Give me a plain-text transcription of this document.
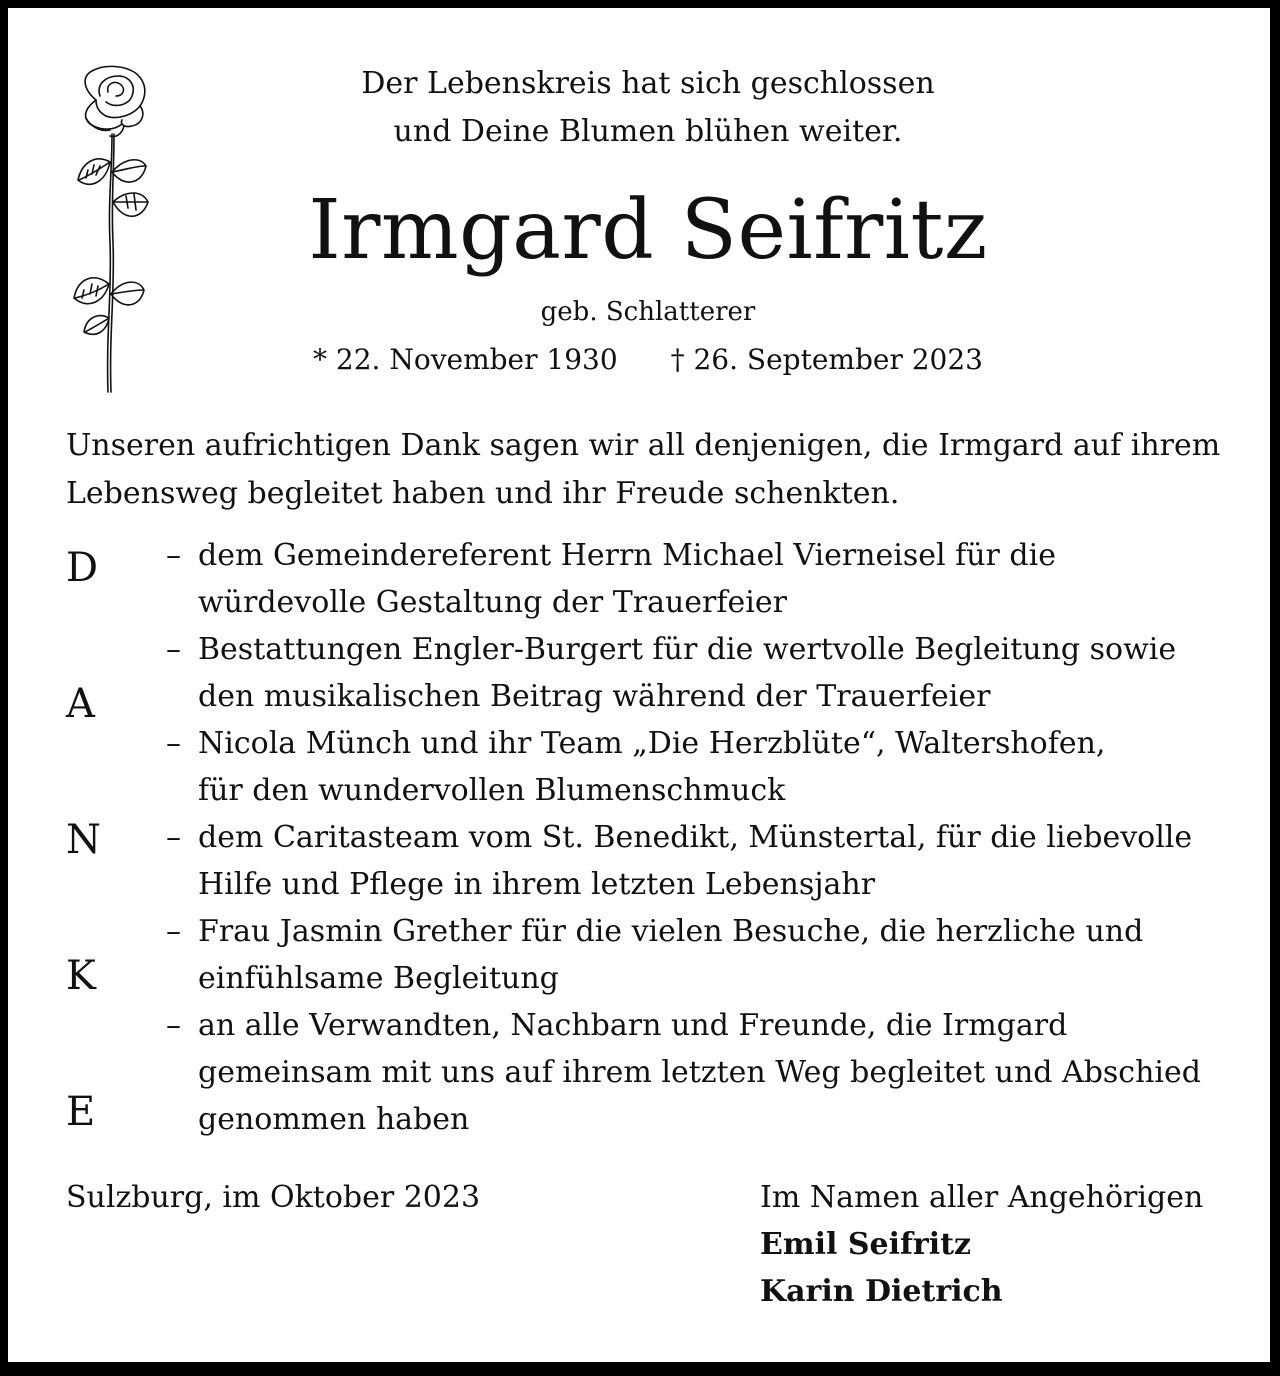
Der Lebenskreis hat sich geschlossen
und Deine Blumen blühen weiter.
Irmgard Seifritz
geb. Schlatterer
* 22. November 1930 † 26. September 2023
Unseren aufrichtigen Dank sagen wir all denjenigen, die Irmgard auf ihrem Lebensweg begleitet haben und ihr Freude schenkten.
D
A
N
K
E
– dem Gemeindereferent Herrn Michael Vierneisel für die
würdevolle Gestaltung der Trauerfeier
– Bestattungen Engler-Burgert für die wertvolle Begleitung sowie
den musikalischen Beitrag während der Trauerfeier
– Nicola Münch und ihr Team „Die Herzblüte“, Waltershofen,
für den wundervollen Blumenschmuck
– dem Caritasteam vom St. Benedikt, Münstertal, für die liebevolle
Hilfe und Pflege in ihrem letzten Lebensjahr
– Frau Jasmin Grether für die vielen Besuche, die herzliche und
einfühlsame Begleitung
– an alle Verwandten, Nachbarn und Freunde, die Irmgard
gemeinsam mit uns auf ihrem letzten Weg begleitet und Abschied
genommen haben
Sulzburg, im Oktober 2023	Im Namen aller Angehörigen
Emil Seifritz
Karin Dietrich
